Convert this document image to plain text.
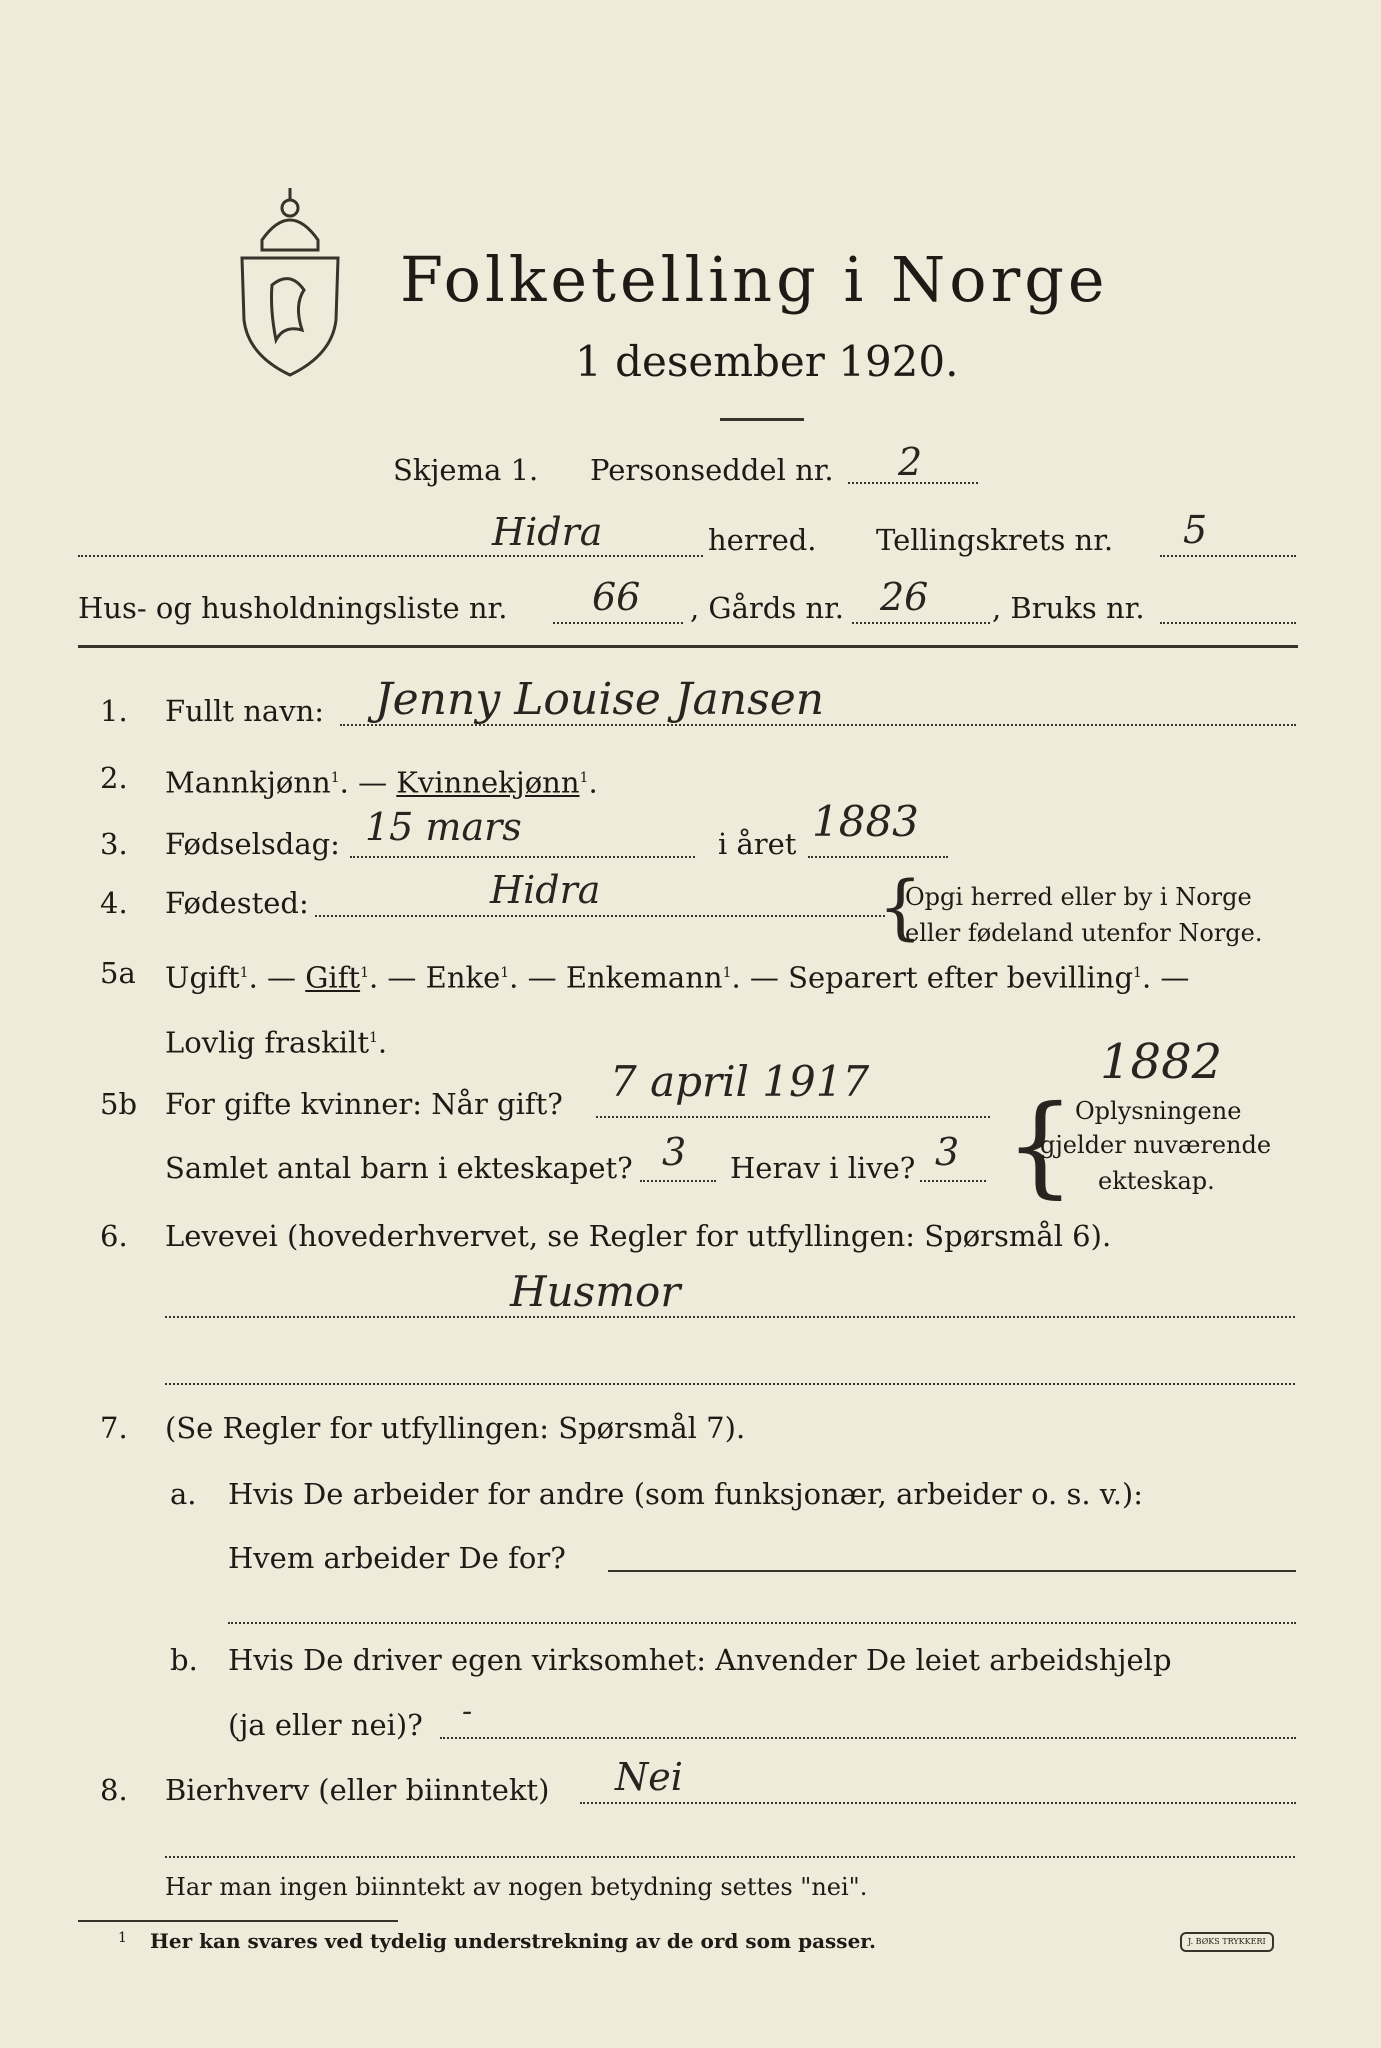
Folketelling i Norge
1 desember 1920.
Skjema 1. Personseddel nr. 2
Hidra	herred. Tellingskrets nr. 5
Hus- og husholdningsliste nr. 66 , Gårds nr. 26 , Bruks nr.
1. Fullt navn: Jenny Louise Jansen
2. Mannkjønn$^1$. — Kvinnekjønn$^1$.
3. Fødselsdag: 15 mars	i året 1883
4. Fødested:	Hidra	{
Opgi herred eller by i Norge
eller fødeland utenfor Norge.
5a Ugift$^1$. — Gift$^1$. — Enke$^1$. — Enkemann$^1$. — Separert efter bevilling$^1$. —
Lovlig fraskilt$^1$.	1882
5b For gifte kvinner: Når gift? 7 april 1917
Samlet antal barn i ekteskapet? 3 Herav i live? 3 { Oplysningene
gjelder nuværende
ekteskap.
6. Levevei (hovederhvervet, se Regler for utfyllingen: Spørsmål 6).
Husmor
7. (Se Regler for utfyllingen: Spørsmål 7).
a. Hvis De arbeider for andre (som funksjonær, arbeider o. s. v.):
Hvem arbeider De for?
b. Hvis De driver egen virksomhet: Anvender De leiet arbeidshjelp
(ja eller nei)? -
8. Bierhverv (eller biinntekt) Nei
Har man ingen biinntekt av nogen betydning settes "nei".
1 Her kan svares ved tydelig understrekning av de ord som passer.	J. BØKS TRYKKERI
